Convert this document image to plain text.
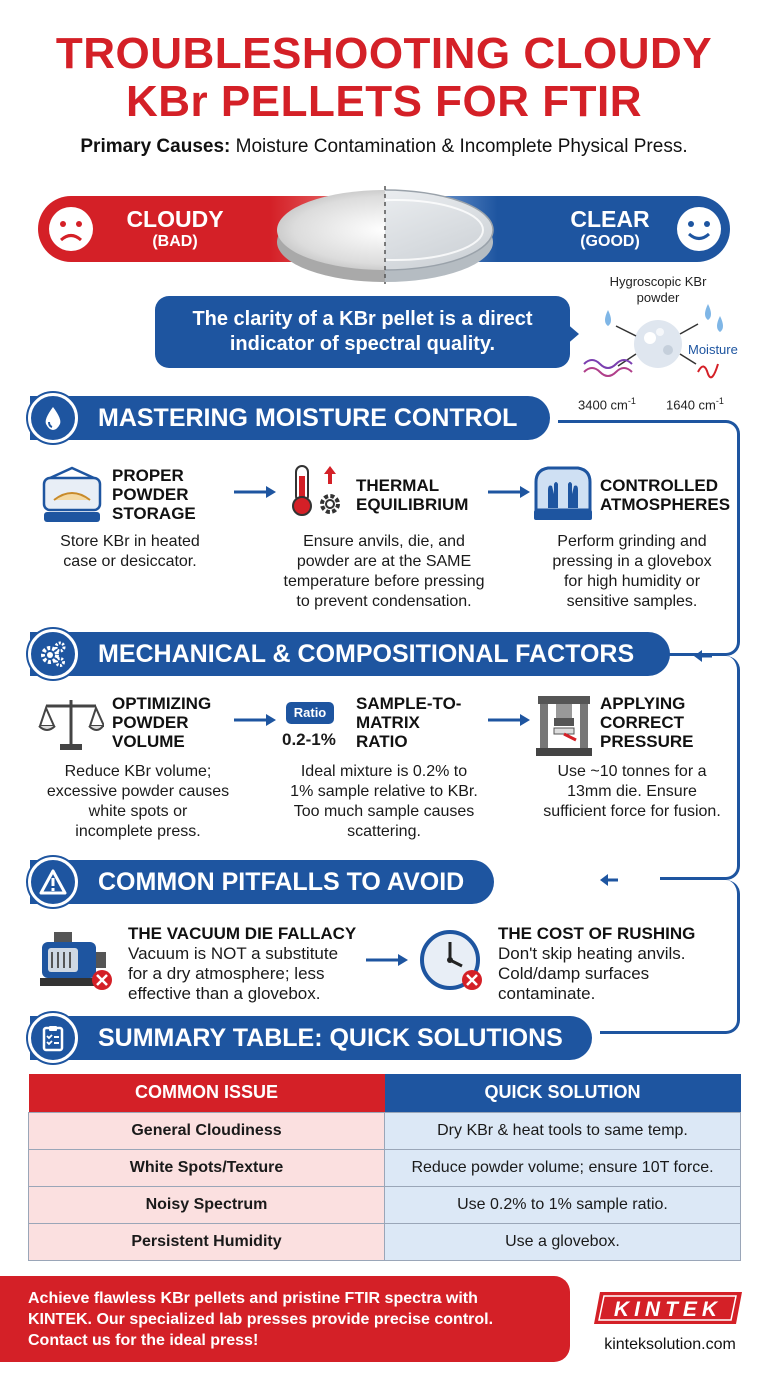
TROUBLESHOOTING CLOUDY
KBr PELLETS FOR FTIR
Primary Causes: Moisture Contamination & Incomplete Physical Press.
CLOUDY
(BAD)
CLEAR
(GOOD)
The clarity of a KBr pellet is a direct
indicator of spectral quality.
Hygroscopic KBr
powder
Moisture
3400 $cm^{-1}$ 1640 $cm^{-1}$
MASTERING MOISTURE CONTROL
PROPER
POWDER
STORAGE
Store KBr in heated
case or desiccator.
THERMAL
EQUILIBRIUM
Ensure anvils, die, and
powder are at the SAME
temperature before pressing
to prevent condensation.
CONTROLLED
ATMOSPHERES
Perform grinding and
pressing in a glovebox
for high humidity or
sensitive samples.
MECHANICAL & COMPOSITIONAL FACTORS
OPTIMIZING
POWDER
VOLUME
Reduce KBr volume;
excessive powder causes
white spots or
incomplete press.
Ratio
0.2-1%
SAMPLE-TO-
MATRIX
RATIO
Ideal mixture is 0.2% to
1% sample relative to KBr.
Too much sample causes
scattering.
APPLYING
CORRECT
PRESSURE
Use ~10 tonnes for a
13mm die. Ensure
sufficient force for fusion.
COMMON PITFALLS TO AVOID
THE VACUUM DIE FALLACY
Vacuum is NOT a substitute
for a dry atmosphere; less
effective than a glovebox.
THE COST OF RUSHING
Don't skip heating anvils.
Cold/damp surfaces
contaminate.
SUMMARY TABLE: QUICK SOLUTIONS
COMMON ISSUE	QUICK SOLUTION
General Cloudiness	Dry KBr & heat tools to same temp.
White Spots/Texture	Reduce powder volume; ensure 10T force.
Noisy Spectrum	Use 0.2% to 1% sample ratio.
Persistent Humidity	Use a glovebox.
Achieve flawless KBr pellets and pristine FTIR spectra with
KINTEK. Our specialized lab presses provide precise control.
Contact us for the ideal press!
KINTEK
kinteksolution.com
